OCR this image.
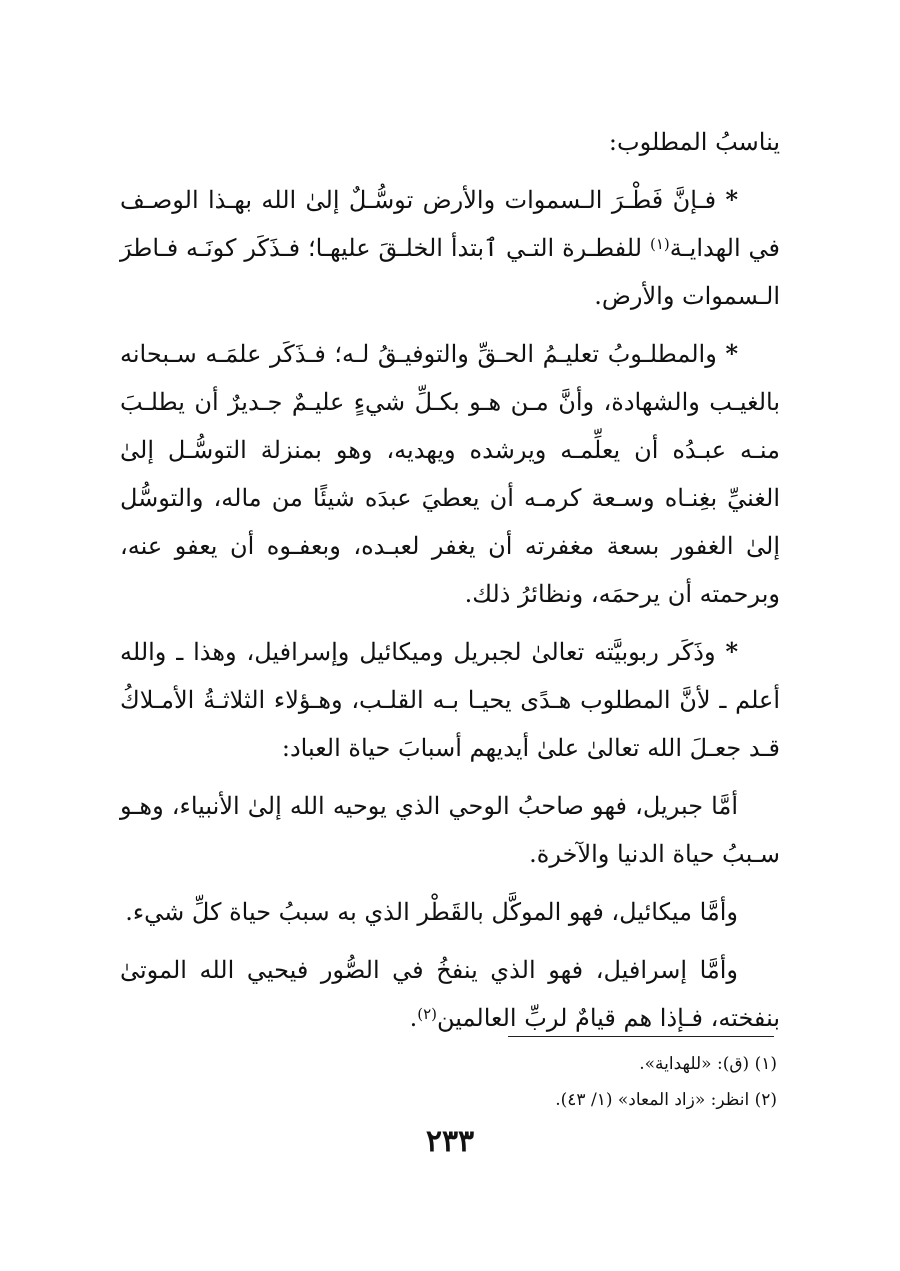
يناسبُ المطلوب:

* فـإنَّ فَطْـرَ الـسموات والأرض توسُّـلٌ إلىٰ الله بهـذا الوصـف في الهدايـة$^{(١)}$ للفطـرة التـي ٱبتدأ الخلـقَ عليهـا؛ فـذَكَر كونَـه فـاطرَ الـسموات والأرض.

* والمطلـوبُ تعليـمُ الحـقِّ والتوفيـقُ لـه؛ فـذَكَر علمَـه سـبحانه بالغيـب والشهادة، وأنَّ مـن هـو بكـلِّ شيءٍ عليـمٌ جـديرٌ أن يطلـبَ منـه عبـدُه أن يعلِّمـه ويرشده ويهديه، وهو بمنزلة التوسُّـل إلىٰ الغنيِّ بغِنـاه وسـعة كرمـه أن يعطيَ عبدَه شيئًا من ماله، والتوسُّل إلىٰ الغفور بسعة مغفرته أن يغفر لعبـده، وبعفـوه أن يعفو عنه، وبرحمته أن يرحمَه، ونظائرُ ذلك.

* وذَكَر ربوبيَّته تعالىٰ لجبريل وميكائيل وإسرافيل، وهذا ـ والله أعلم ـ لأنَّ المطلوب هـدًى يحيـا بـه القلـب، وهـؤلاء الثلاثـةُ الأمـلاكُ قـد جعـلَ الله تعالىٰ علىٰ أيديهم أسبابَ حياة العباد:

أمَّا جبريل، فهو صاحبُ الوحي الذي يوحيه الله إلىٰ الأنبياء، وهـو سـببُ حياة الدنيا والآخرة.

وأمَّا ميكائيل، فهو الموكَّل بالقَطْر الذي به سببُ حياة كلِّ شيء.

وأمَّا إسرافيل، فهو الذي ينفخُ في الصُّور فيحيي الله الموتىٰ بنفخته، فـإذا هم قيامٌ لربِّ العالمين$^{(٢)}$.

(١) (ق): «للهداية».
(٢) انظر: «زاد المعاد» (١/ ٤٣).
٢٣٣
